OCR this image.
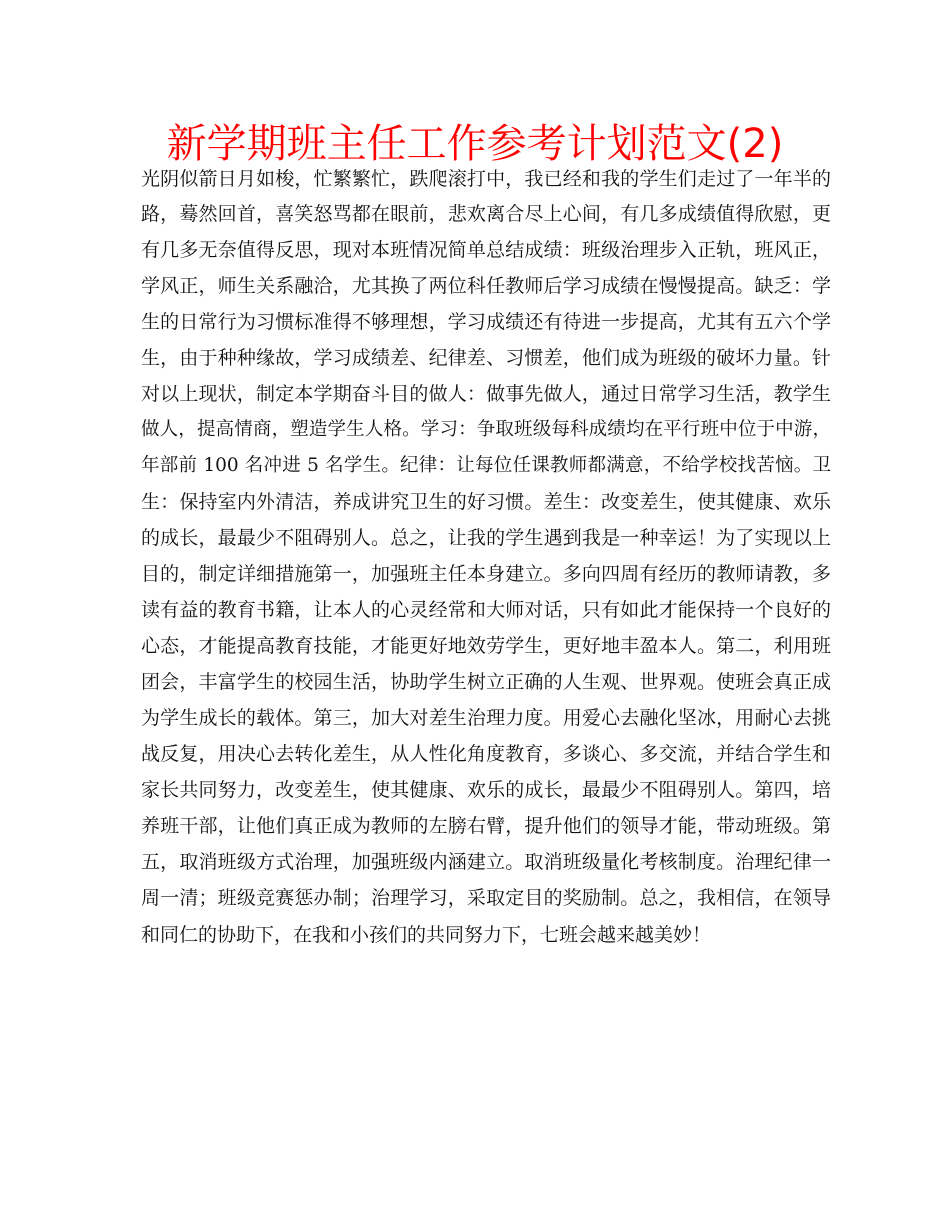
新学期班主任工作参考计划范文(2)
光阴似箭日月如梭，忙繁繁忙，跌爬滚打中，我已经和我的学生们走过了一年半的
路，蓦然回首，喜笑怒骂都在眼前，悲欢离合尽上心间，有几多成绩值得欣慰，更
有几多无奈值得反思，现对本班情况简单总结成绩：班级治理步入正轨，班风正，
学风正，师生关系融洽，尤其换了两位科任教师后学习成绩在慢慢提高。缺乏：学
生的日常行为习惯标准得不够理想，学习成绩还有待进一步提高，尤其有五六个学
生，由于种种缘故，学习成绩差、纪律差、习惯差，他们成为班级的破坏力量。针
对以上现状，制定本学期奋斗目的做人：做事先做人，通过日常学习生活，教学生
做人，提高情商，塑造学生人格。学习：争取班级每科成绩均在平行班中位于中游，
年部前 100 名冲进 5 名学生。纪律：让每位任课教师都满意，不给学校找苦恼。卫
生：保持室内外清洁，养成讲究卫生的好习惯。差生：改变差生，使其健康、欢乐
的成长，最最少不阻碍别人。总之，让我的学生遇到我是一种幸运！为了实现以上
目的，制定详细措施第一，加强班主任本身建立。多向四周有经历的教师请教，多
读有益的教育书籍，让本人的心灵经常和大师对话，只有如此才能保持一个良好的
心态，才能提高教育技能，才能更好地效劳学生，更好地丰盈本人。第二，利用班
团会，丰富学生的校园生活，协助学生树立正确的人生观、世界观。使班会真正成
为学生成长的载体。第三，加大对差生治理力度。用爱心去融化坚冰，用耐心去挑
战反复，用决心去转化差生，从人性化角度教育，多谈心、多交流，并结合学生和
家长共同努力，改变差生，使其健康、欢乐的成长，最最少不阻碍别人。第四，培
养班干部，让他们真正成为教师的左膀右臂，提升他们的领导才能，带动班级。第
五，取消班级方式治理，加强班级内涵建立。取消班级量化考核制度。治理纪律一
周一清；班级竞赛惩办制；治理学习，采取定目的奖励制。总之，我相信，在领导
和同仁的协助下，在我和小孩们的共同努力下，七班会越来越美妙！
